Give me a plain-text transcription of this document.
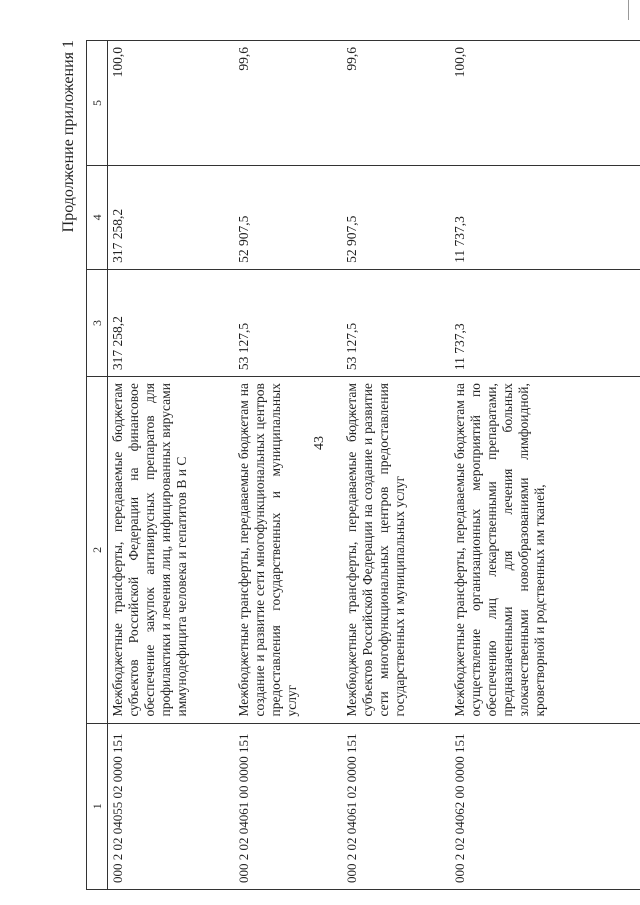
43
Продолжение приложения 1
1	2	3	4	5
000 2 02 04055 02 0000 151	Межбюджетные трансферты, передаваемые бюджетам субъектов Российской Федерации на финансовое обеспечение закупок антивирусных препаратов для профилактики и лечения лиц, инфицированных вирусами иммунодефицита человека и гепатитов В и С	317 258,2	317 258,2	100,0
000 2 02 04061 00 0000 151	Межбюджетные трансферты, передаваемые бюджетам на создание и развитие сети многофункциональных центров предоставления государственных и муниципальных услуг	53 127,5	52 907,5	99,6
000 2 02 04061 02 0000 151	Межбюджетные трансферты, передаваемые бюджетам субъектов Российской Федерации на создание и развитие сети многофункциональных центров предоставления государственных и муниципальных услуг	53 127,5	52 907,5	99,6
000 2 02 04062 00 0000 151	Межбюджетные трансферты, передаваемые бюджетам на осуществление организационных мероприятий по обеспечению лиц лекарственными препаратами, предназначенными для лечения больных злокачественными новообразованиями лимфоидной, кроветворной и родственных им тканей,	11 737,3	11 737,3	100,0
